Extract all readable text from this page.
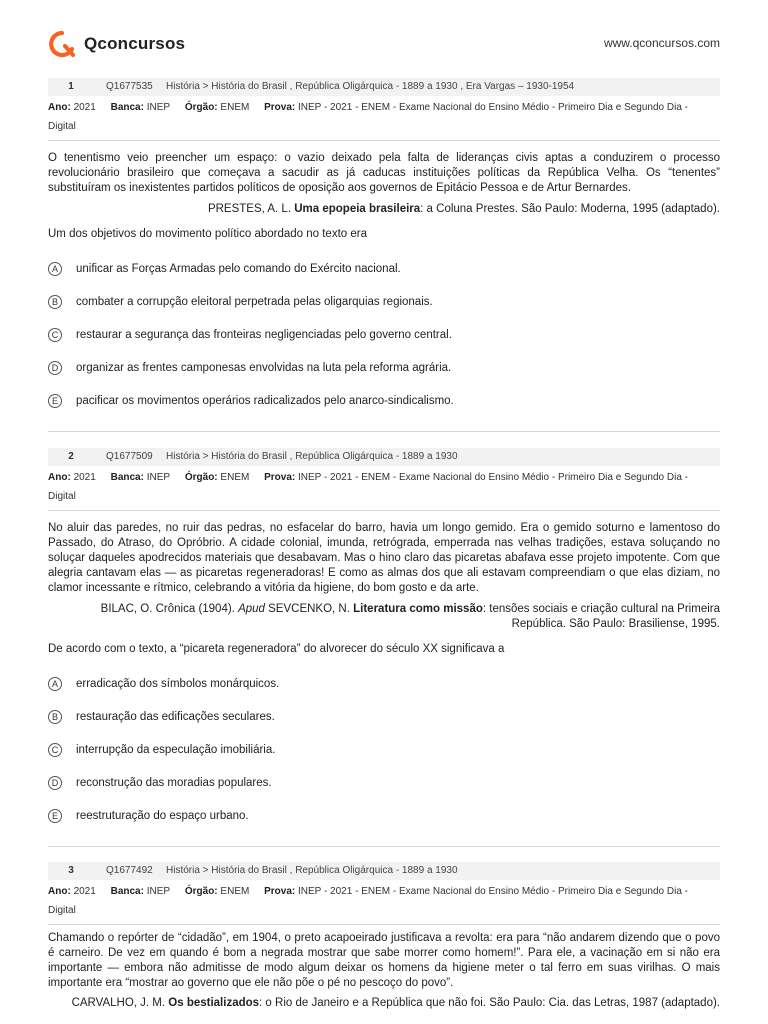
Qconcursos	www.qconcursos.com
1	Q1677535 História > História do Brasil , República Oligárquica - 1889 a 1930 , Era Vargas – 1930-1954
Ano: 2021 Banca: INEP Órgão: ENEM Prova: INEP - 2021 - ENEM - Exame Nacional do Ensino Médio - Primeiro Dia e Segundo Dia -
Digital
O tenentismo veio preencher um espaço: o vazio deixado pela falta de lideranças civis aptas a conduzirem o processo revolucionário brasileiro que começava a sacudir as já caducas instituições políticas da República Velha. Os “tenentes” substituíram os inexistentes partidos políticos de oposição aos governos de Epitácio Pessoa e de Artur Bernardes.
PRESTES, A. L. Uma epopeia brasileira: a Coluna Prestes. São Paulo: Moderna, 1995 (adaptado).
Um dos objetivos do movimento político abordado no texto era
A	unificar as Forças Armadas pelo comando do Exército nacional.
B	combater a corrupção eleitoral perpetrada pelas oligarquias regionais.
C	restaurar a segurança das fronteiras negligenciadas pelo governo central.
D	organizar as frentes camponesas envolvidas na luta pela reforma agrária.
E	pacificar os movimentos operários radicalizados pelo anarco-sindicalismo.
2	Q1677509 História > História do Brasil , República Oligárquica - 1889 a 1930
Ano: 2021 Banca: INEP Órgão: ENEM Prova: INEP - 2021 - ENEM - Exame Nacional do Ensino Médio - Primeiro Dia e Segundo Dia -
Digital
No aluir das paredes, no ruir das pedras, no esfacelar do barro, havia um longo gemido. Era o gemido soturno e lamentoso do Passado, do Atraso, do Opróbrio. A cidade colonial, imunda, retrógrada, emperrada nas velhas tradições, estava soluçando no soluçar daqueles apodrecidos materiais que desabavam. Mas o hino claro das picaretas abafava esse projeto impotente. Com que alegria cantavam elas — as picaretas regeneradoras! E como as almas dos que ali estavam compreendiam o que elas diziam, no clamor incessante e rítmico, celebrando a vitória da higiene, do bom gosto e da arte.
BILAC, O. Crônica (1904). Apud SEVCENKO, N. Literatura como missão: tensões sociais e criação cultural na Primeira República. São Paulo: Brasiliense, 1995.
De acordo com o texto, a “picareta regeneradora” do alvorecer do século XX significava a
A	erradicação dos símbolos monárquicos.
B	restauração das edificações seculares.
C	interrupção da especulação imobiliária.
D	reconstrução das moradias populares.
E	reestruturação do espaço urbano.
3	Q1677492 História > História do Brasil , República Oligárquica - 1889 a 1930
Ano: 2021 Banca: INEP Órgão: ENEM Prova: INEP - 2021 - ENEM - Exame Nacional do Ensino Médio - Primeiro Dia e Segundo Dia -
Digital
Chamando o repórter de “cidadão”, em 1904, o preto acapoeirado justificava a revolta: era para “não andarem dizendo que o povo é carneiro. De vez em quando é bom a negrada mostrar que sabe morrer como homem!”. Para ele, a vacinação em si não era importante — embora não admitisse de modo algum deixar os homens da higiene meter o tal ferro em suas virilhas. O mais importante era “mostrar ao governo que ele não põe o pé no pescoço do povo”.
CARVALHO, J. M. Os bestializados: o Rio de Janeiro e a República que não foi. São Paulo: Cia. das Letras, 1987 (adaptado).
